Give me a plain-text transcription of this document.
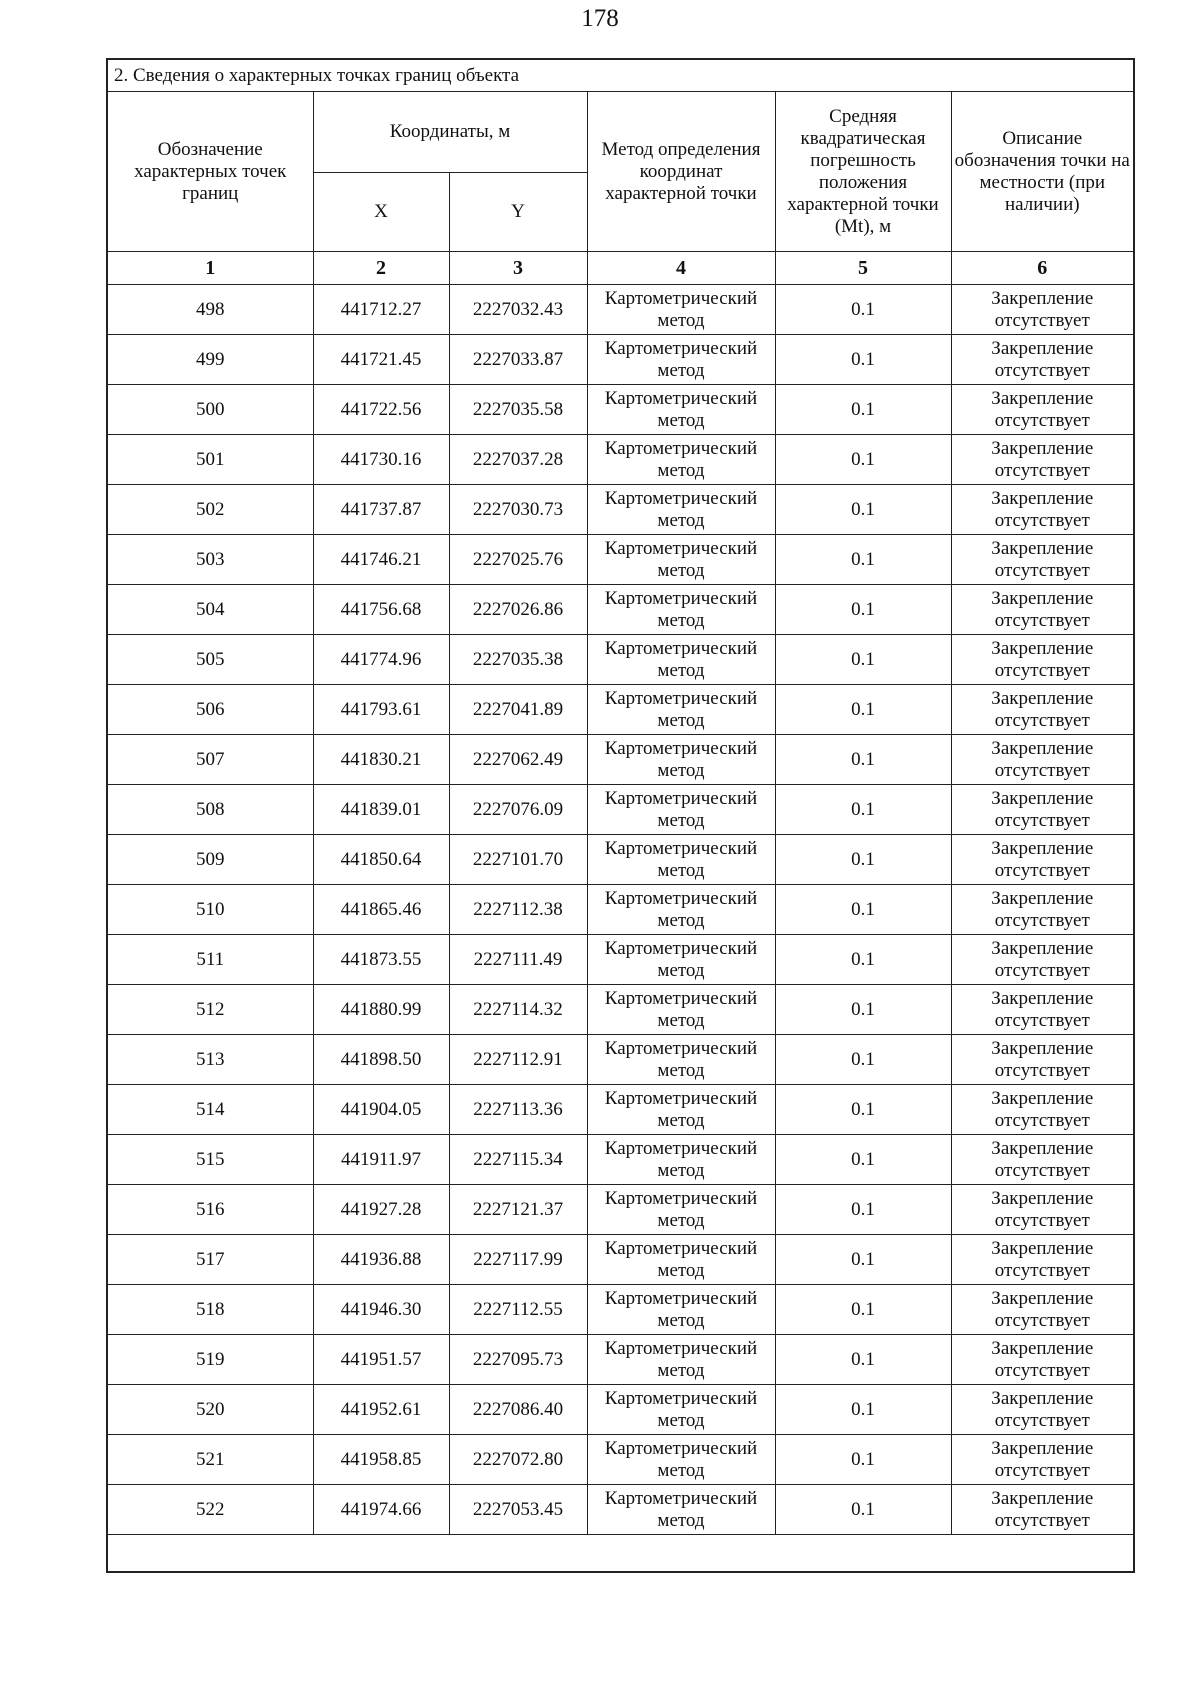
178
2. Сведения о характерных точках границ объекта					
Обозначение характерных точек границ	Координаты, м		Метод определения координат характерной точки	Средняя квадратическая погрешность положения характерной точки (Mt), м	Описание обозначения точки на местности (при наличии)
	X	Y			
1	2	3	4	5	6
498	441712.27	2227032.43	Картометрический метод	0.1	Закрепление отсутствует
499	441721.45	2227033.87	Картометрический метод	0.1	Закрепление отсутствует
500	441722.56	2227035.58	Картометрический метод	0.1	Закрепление отсутствует
501	441730.16	2227037.28	Картометрический метод	0.1	Закрепление отсутствует
502	441737.87	2227030.73	Картометрический метод	0.1	Закрепление отсутствует
503	441746.21	2227025.76	Картометрический метод	0.1	Закрепление отсутствует
504	441756.68	2227026.86	Картометрический метод	0.1	Закрепление отсутствует
505	441774.96	2227035.38	Картометрический метод	0.1	Закрепление отсутствует
506	441793.61	2227041.89	Картометрический метод	0.1	Закрепление отсутствует
507	441830.21	2227062.49	Картометрический метод	0.1	Закрепление отсутствует
508	441839.01	2227076.09	Картометрический метод	0.1	Закрепление отсутствует
509	441850.64	2227101.70	Картометрический метод	0.1	Закрепление отсутствует
510	441865.46	2227112.38	Картометрический метод	0.1	Закрепление отсутствует
511	441873.55	2227111.49	Картометрический метод	0.1	Закрепление отсутствует
512	441880.99	2227114.32	Картометрический метод	0.1	Закрепление отсутствует
513	441898.50	2227112.91	Картометрический метод	0.1	Закрепление отсутствует
514	441904.05	2227113.36	Картометрический метод	0.1	Закрепление отсутствует
515	441911.97	2227115.34	Картометрический метод	0.1	Закрепление отсутствует
516	441927.28	2227121.37	Картометрический метод	0.1	Закрепление отсутствует
517	441936.88	2227117.99	Картометрический метод	0.1	Закрепление отсутствует
518	441946.30	2227112.55	Картометрический метод	0.1	Закрепление отсутствует
519	441951.57	2227095.73	Картометрический метод	0.1	Закрепление отсутствует
520	441952.61	2227086.40	Картометрический метод	0.1	Закрепление отсутствует
521	441958.85	2227072.80	Картометрический метод	0.1	Закрепление отсутствует
522	441974.66	2227053.45	Картометрический метод	0.1	Закрепление отсутствует
